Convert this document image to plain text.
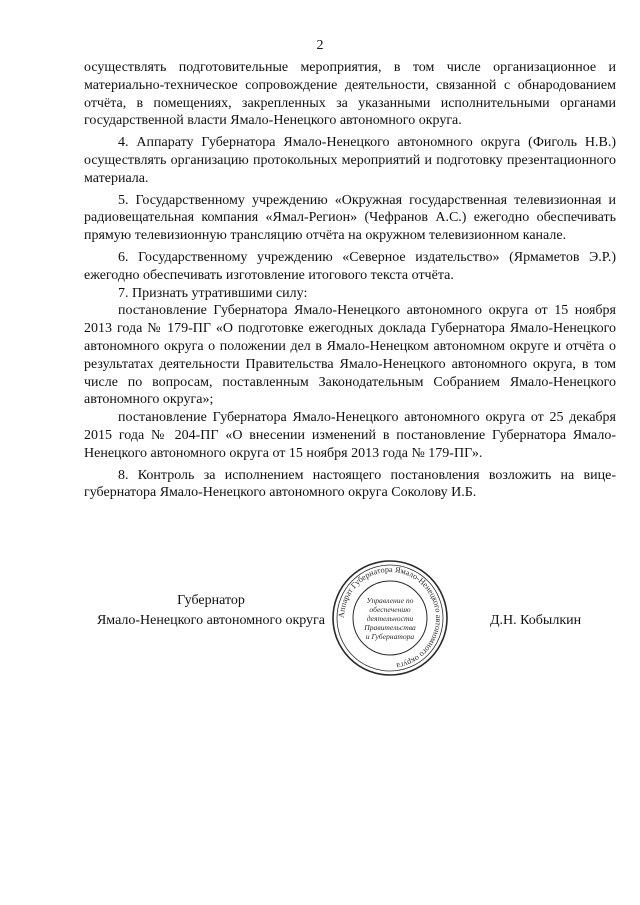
2

осуществлять подготовительные мероприятия, в том числе организационное и материально-техническое сопровождение деятельности, связанной с обнародованием отчёта, в помещениях, закрепленных за указанными исполнительными органами государственной власти Ямало-Ненецкого автономного округа.

4. Аппарату Губернатора Ямало-Ненецкого автономного округа (Фиголь Н.В.) осуществлять организацию протокольных мероприятий и подготовку презентационного материала.

5. Государственному учреждению «Окружная государственная телевизионная и радиовещательная компания «Ямал-Регион» (Чефранов А.С.) ежегодно обеспечивать прямую телевизионную трансляцию отчёта на окружном телевизионном канале.

6. Государственному учреждению «Северное издательство» (Ярмаметов Э.Р.) ежегодно обеспечивать изготовление итогового текста отчёта.

7. Признать утратившими силу:

постановление Губернатора Ямало-Ненецкого автономного округа от 15 ноября 2013 года № 179-ПГ «О подготовке ежегодных доклада Губернатора Ямало-Ненецкого автономного округа о положении дел в Ямало-Ненецком автономном округе и отчёта о результатах деятельности Правительства Ямало-Ненецкого автономного округа, в том числе по вопросам, поставленным Законодательным Собранием Ямало-Ненецкого автономного округа»;

постановление Губернатора Ямало-Ненецкого автономного округа от 25 декабря 2015 года № 204-ПГ «О внесении изменений в постановление Губернатора Ямало-Ненецкого автономного округа от 15 ноября 2013 года № 179-ПГ».

8. Контроль за исполнением настоящего постановления возложить на вице-губернатора Ямало-Ненецкого автономного округа Соколову И.Б.

Губернатор
Ямало-Ненецкого автономного округа Аппарат Губернатора Ямало-Ненецкого автономного округа
Управление по
обеспечению
деятельности
Правительства
и Губернатора
Д.Н. Кобылкин
